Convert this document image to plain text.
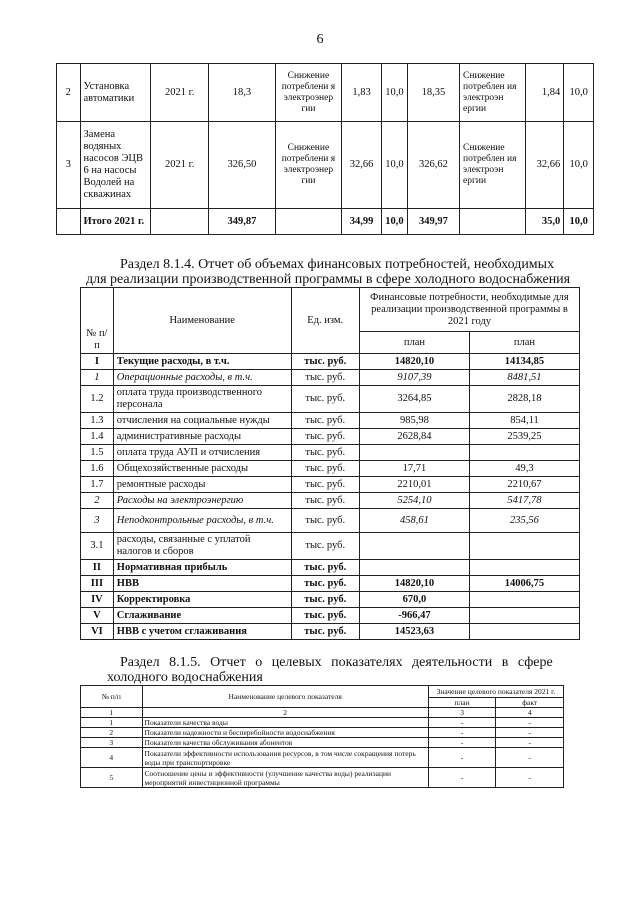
6
2	Установка автоматики	2021 г.	18,3	Снижение потреблени я электроэнер гии	1,83	10,0	18,35	Снижение потреблен ия электроэн ергии	1,84	10,0
3	Замена водяных насосов ЭЦВ 6 на насосы Водолей на скважинах	2021 г.	326,50	Снижение потреблени я электроэнер гии	32,66	10,0	326,62	Снижение потреблен ия электроэн ергии	32,66	10,0
	Итого 2021 г.		349,87		34,99	10,0	349,97		35,0	10,0
Раздел 8.1.4. Отчет об объемах финансовых потребностей, необходимых
для реализации производственной программы в сфере холодного водоснабжения
№ п/п	Наименование	Ед. изм.	Финансовые потребности, необходимые для реализации производственной программы в 2021 году	
			план	план
I	Текущие расходы, в т.ч.	тыс. руб.	14820,10	14134,85
1	Операционные расходы, в т.ч.	тыс. руб.	9107,39	8481,51
1.2	оплата труда производственного персонала	тыс. руб.	3264,85	2828,18
1.3	отчисления на социальные нужды	тыс. руб.	985,98	854,11
1.4	административные расходы	тыс. руб.	2628,84	2539,25
1.5	оплата труда АУП и отчисления	тыс. руб.		
1.6	Общехозяйственные расходы	тыс. руб.	17,71	49,3
1.7	ремонтные расходы	тыс. руб.	2210,01	2210,67
2	Расходы на электроэнергию	тыс. руб.	5254,10	5417,78
3	Неподконтрольные расходы, в т.ч.	тыс. руб.	458,61	235,56
3.1	расходы, связанные с уплатой налогов и сборов	тыс. руб.		
II	Нормативная прибыль	тыс. руб.		
III	НВВ	тыс. руб.	14820,10	14006,75
IV	Корректировка	тыс. руб.	670,0	
V	Сглаживание	тыс. руб.	-966,47	
VI	НВВ с учетом сглаживания	тыс. руб.	14523,63	
Раздел 8.1.5. Отчет о целевых показателях деятельности в сфере
холодного водоснабжения
№ п/п	Наименование целевого показателя	Значение целевого показателя 2021 г.	
		план	факт
1	2	3	4
1	Показатели качества воды	-	-
2	Показатели надежности и бесперебойности водоснабжения	-	-
3	Показатели качества обслуживания абонентов	-	-
4	Показатели эффективности использования ресурсов, в том числе сокращения потерь воды при транспортировке	-	-
5	Соотношение цены и эффективности (улучшение качества воды) реализации мероприятий инвестиционной программы	-	-
